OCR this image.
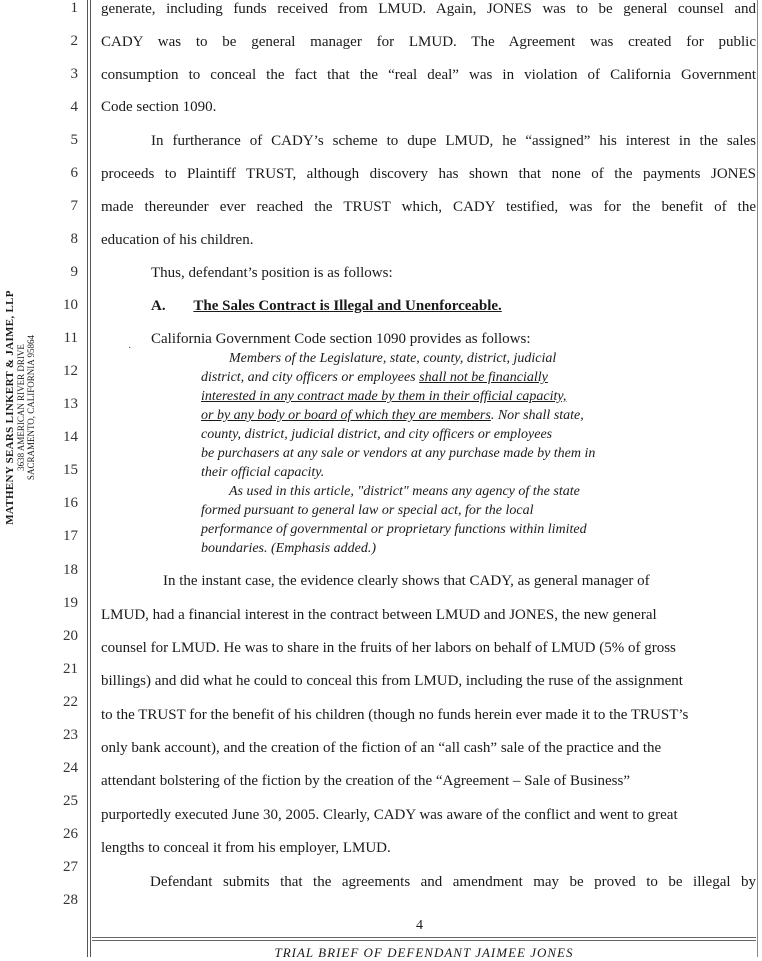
MATHENY SEARS LINKERT & JAIME, LLP 3638 AMERICAN RIVER DRIVE SACRAMENTO, CALIFORNIA 95864
1
2
3
4
5
6
7
8
9
10
11
12
13
14
15
16
17
18
19
20
21
22
23
24
25
26
27
28
generate, including funds received from LMUD. Again, JONES was to be general counsel and
CADY was to be general manager for LMUD. The Agreement was created for public
consumption to conceal the fact that the “real deal” was in violation of California Government
Code section 1090.
In furtherance of CADY’s scheme to dupe LMUD, he “assigned” his interest in the sales
proceeds to Plaintiff TRUST, although discovery has shown that none of the payments JONES
made thereunder ever reached the TRUST which, CADY testified, was for the benefit of the
education of his children.
Thus, defendant’s position is as follows:
A. The Sales Contract is Illegal and Unenforceable.
·
California Government Code section 1090 provides as follows:
Members of the Legislature, state, county, district, judicial
district, and city officers or employees shall not be financially
interested in any contract made by them in their official capacity,
or by any body or board of which they are members. Nor shall state,
county, district, judicial district, and city officers or employees
be purchasers at any sale or vendors at any purchase made by them in
their official capacity.
As used in this article, "district" means any agency of the state
formed pursuant to general law or special act, for the local
performance of governmental or proprietary functions within limited
boundaries. (Emphasis added.)
In the instant case, the evidence clearly shows that CADY, as general manager of
LMUD, had a financial interest in the contract between LMUD and JONES, the new general
counsel for LMUD. He was to share in the fruits of her labors on behalf of LMUD (5% of gross
billings) and did what he could to conceal this from LMUD, including the ruse of the assignment
to the TRUST for the benefit of his children (though no funds herein ever made it to the TRUST’s
only bank account), and the creation of the fiction of an “all cash” sale of the practice and the
attendant bolstering of the fiction by the creation of the “Agreement – Sale of Business”
purportedly executed June 30, 2005. Clearly, CADY was aware of the conflict and went to great
lengths to conceal it from his employer, LMUD.
Defendant submits that the agreements and amendment may be proved to be illegal by
4
TRIAL BRIEF OF DEFENDANT JAIMEE JONES
